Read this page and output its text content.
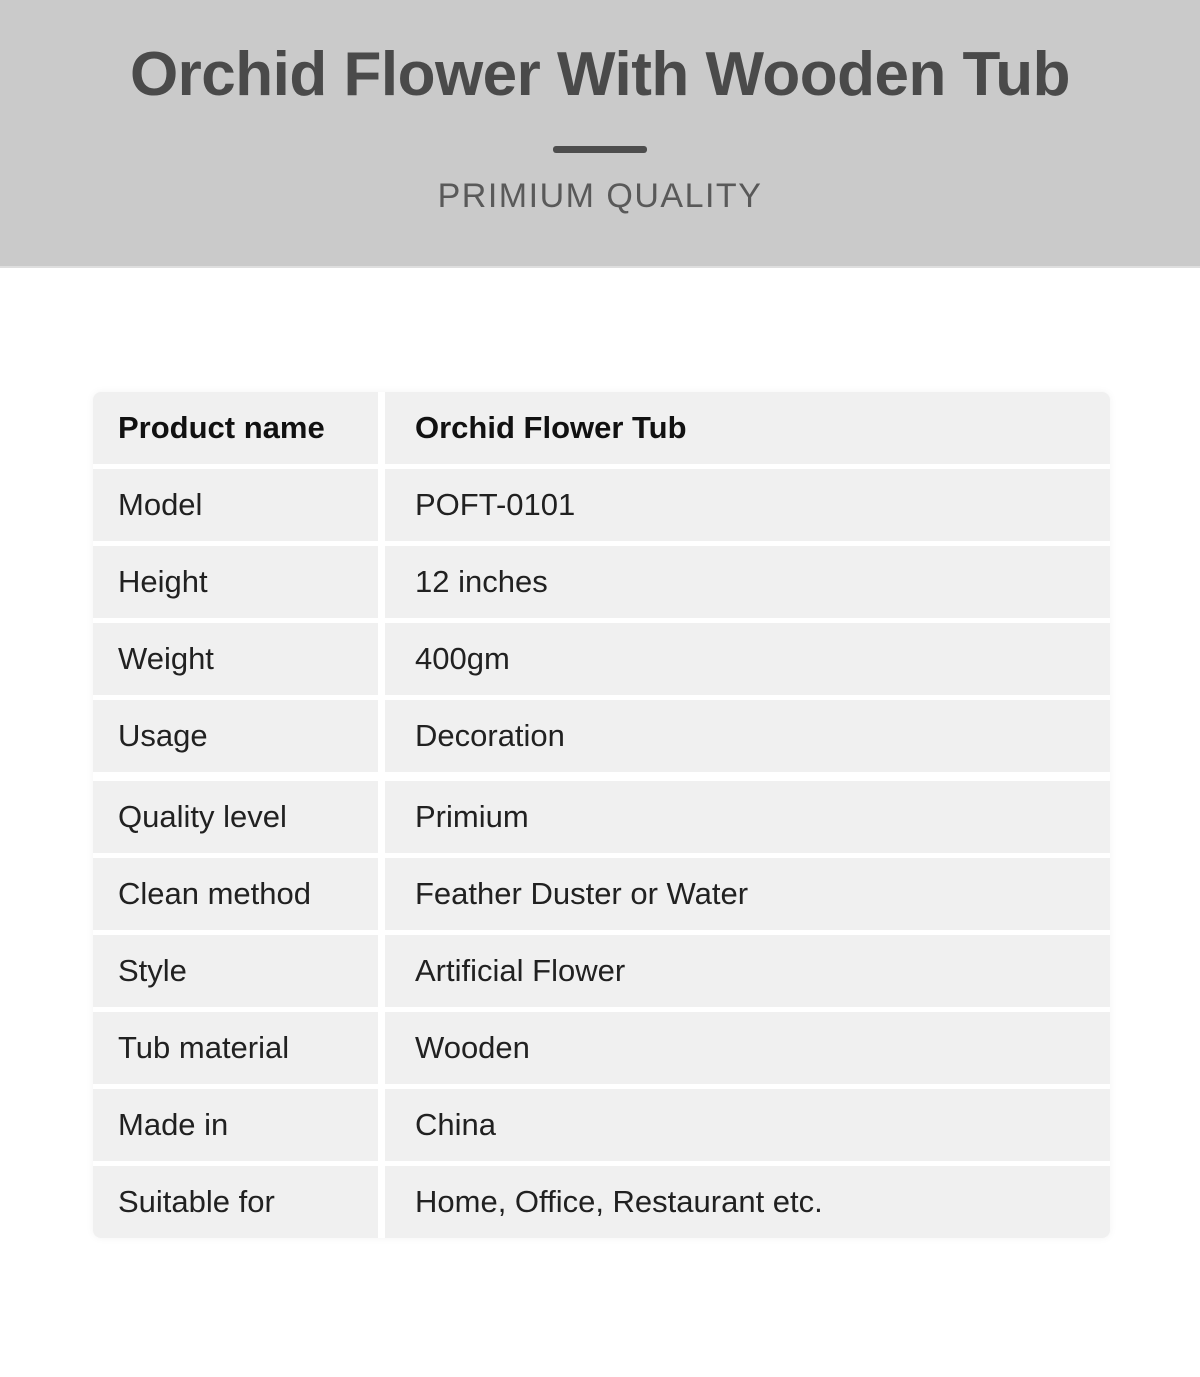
Orchid Flower With Wooden Tub
PRIMIUM QUALITY
Product name	Orchid Flower Tub
Model	POFT-0101
Height	12 inches
Weight	400gm
Usage	Decoration
Quality level	Primium
Clean method	Feather Duster or Water
Style	Artificial Flower
Tub material	Wooden
Made in	China
Suitable for	Home, Office, Restaurant etc.
